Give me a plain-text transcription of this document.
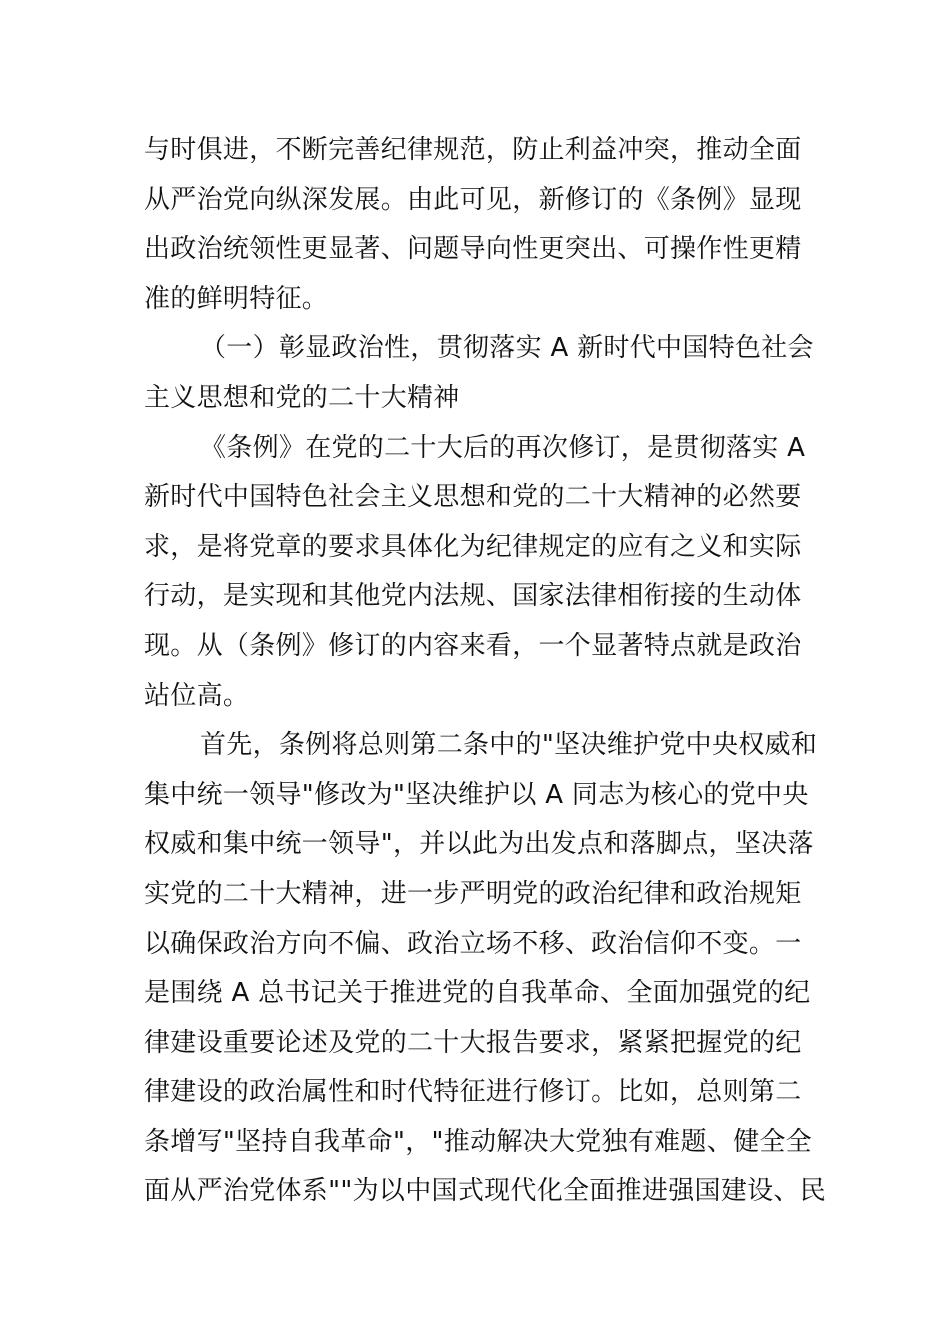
与时俱进，不断完善纪律规范，防止利益冲突，推动全面
从严治党向纵深发展。由此可见，新修订的《条例》显现
出政治统领性更显著、问题导向性更突出、可操作性更精
准的鲜明特征。
（一）彰显政治性，贯彻落实 A 新时代中国特色社会
主义思想和党的二十大精神
《条例》在党的二十大后的再次修订，是贯彻落实 A
新时代中国特色社会主义思想和党的二十大精神的必然要
求，是将党章的要求具体化为纪律规定的应有之义和实际
行动，是实现和其他党内法规、国家法律相衔接的生动体
现。从（条例》修订的内容来看，一个显著特点就是政治
站位高。
首先，条例将总则第二条中的"坚决维护党中央权威和
集中统一领导"修改为"坚决维护以 A 同志为核心的党中央
权威和集中统一领导"，并以此为出发点和落脚点，坚决落
实党的二十大精神，进一步严明党的政治纪律和政治规矩
以确保政治方向不偏、政治立场不移、政治信仰不变。一
是围绕 A 总书记关于推进党的自我革命、全面加强党的纪
律建设重要论述及党的二十大报告要求，紧紧把握党的纪
律建设的政治属性和时代特征进行修订。比如，总则第二
条增写"坚持自我革命"，"推动解决大党独有难题、健全全
面从严治党体系""为以中国式现代化全面推进强国建设、民
